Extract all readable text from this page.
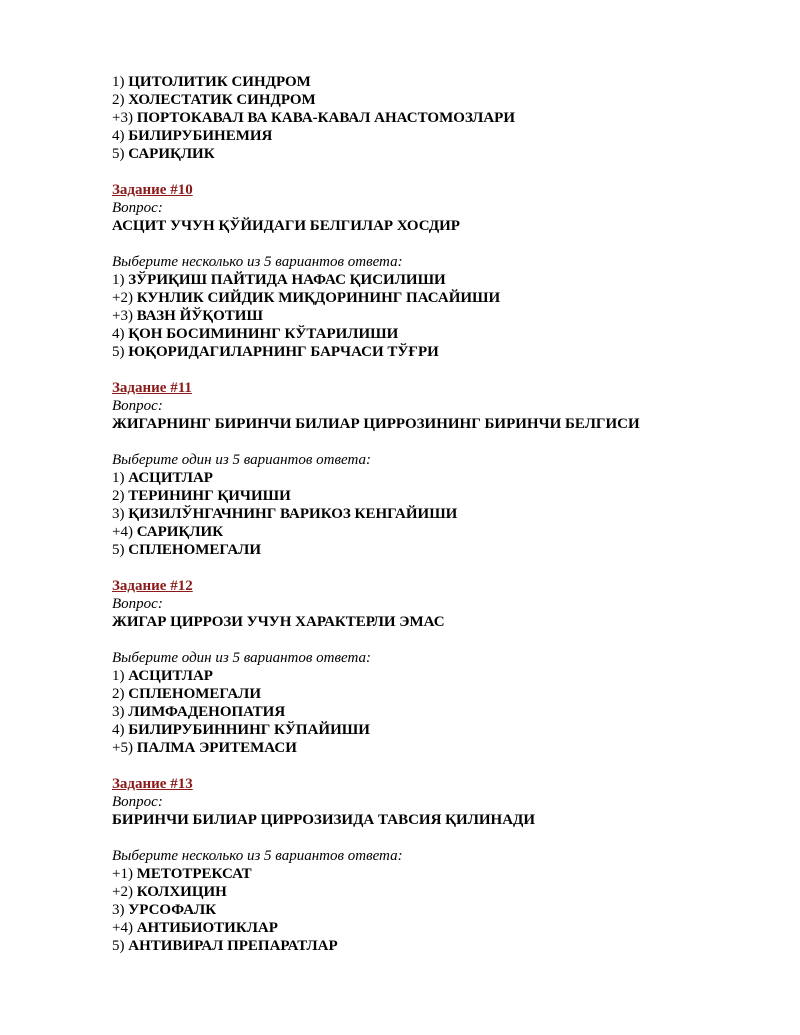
1) ЦИТОЛИТИК СИНДРОМ
2) ХОЛЕСТАТИК СИНДРОМ
+3) ПОРТОКАВАЛ ВА КАВА-КАВАЛ АНАСТОМОЗЛАРИ
4) БИЛИРУБИНЕМИЯ
5) САРИҚЛИК
Задание #10
Вопрос:
АСЦИТ УЧУН ҚЎЙИДАГИ БЕЛГИЛАР ХОСДИР
Выберите несколько из 5 вариантов ответа:
1) ЗЎРИҚИШ ПАЙТИДА НАФАС ҚИСИЛИШИ
+2) КУНЛИК СИЙДИК МИҚДОРИНИНГ ПАСАЙИШИ
+3) ВАЗН ЙЎҚОТИШ
4) ҚОН БОСИМИНИНГ КЎТАРИЛИШИ
5) ЮҚОРИДАГИЛАРНИНГ БАРЧАСИ ТЎҒРИ
Задание #11
Вопрос:
ЖИГАРНИНГ БИРИНЧИ БИЛИАР ЦИРРОЗИНИНГ БИРИНЧИ БЕЛГИСИ
Выберите один из 5 вариантов ответа:
1) АСЦИТЛАР
2) ТЕРИНИНГ ҚИЧИШИ
3) ҚИЗИЛЎНГАЧНИНГ ВАРИКОЗ КЕНГАЙИШИ
+4) САРИҚЛИК
5) СПЛЕНОМЕГАЛИ
Задание #12
Вопрос:
ЖИГАР ЦИРРОЗИ УЧУН ХАРАКТЕРЛИ ЭМАС
Выберите один из 5 вариантов ответа:
1) АСЦИТЛАР
2) СПЛЕНОМЕГАЛИ
3) ЛИМФАДЕНОПАТИЯ
4) БИЛИРУБИННИНГ КЎПАЙИШИ
+5) ПАЛМА ЭРИТЕМАСИ
Задание #13
Вопрос:
БИРИНЧИ БИЛИАР ЦИРРОЗИЗИДА ТАВСИЯ ҚИЛИНАДИ
Выберите несколько из 5 вариантов ответа:
+1) МЕТОТРЕКСАТ
+2) КОЛХИЦИН
3) УРСОФАЛК
+4) АНТИБИОТИКЛАР
5) АНТИВИРАЛ ПРЕПАРАТЛАР
